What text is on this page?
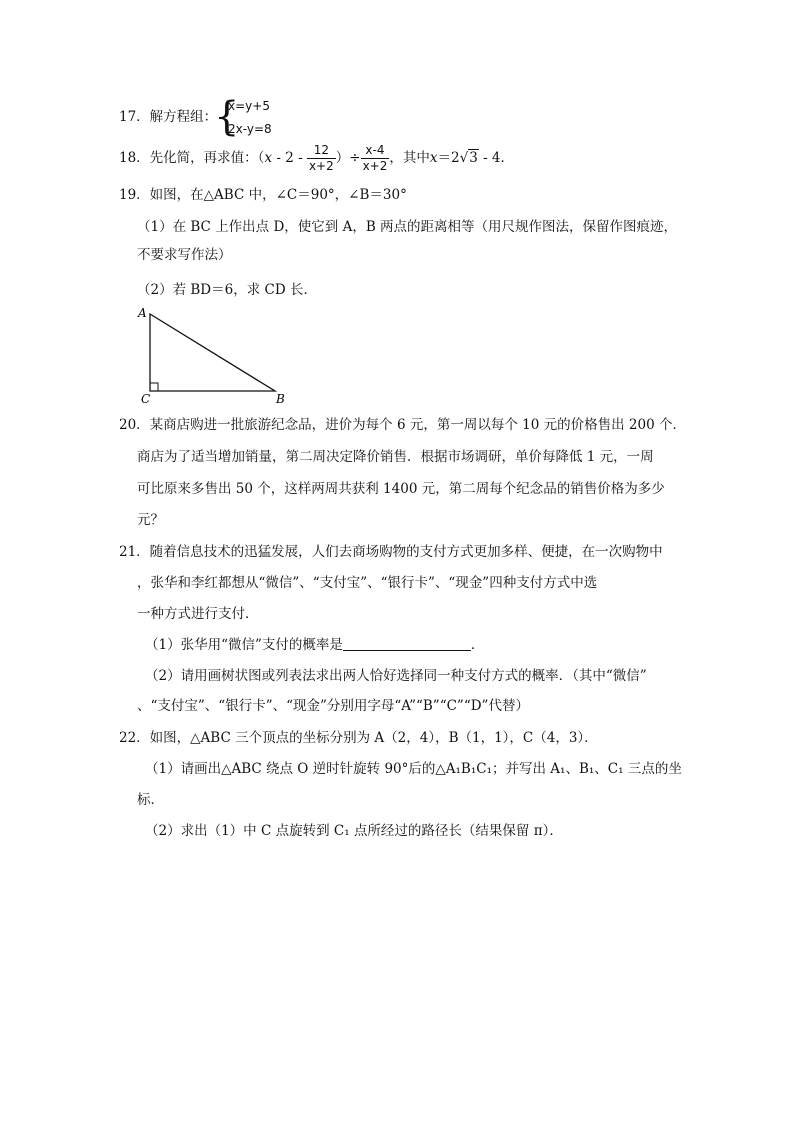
17．解方程组：
{
x=y+5
2x-y=8
18．先化简，再求值：（$x - 2 - \frac{12}{x+2}$ ）÷ $\frac{x-4}{x+2}$ ，其中x＝2√3 - 4．
19．如图，在△ABC 中，∠C＝90°，∠B＝30°
（1）在 BC 上作出点 D，使它到 A，B 两点的距离相等（用尺规作图法，保留作图痕迹，
不要求写作法）
（2）若 BD＝6，求 CD 长．
A
C	B
20．某商店购进一批旅游纪念品，进价为每个 6 元，第一周以每个 10 元的价格售出 200 个．
商店为了适当增加销量，第二周决定降价销售．根据市场调研，单价每降低 1 元，一周
可比原来多售出 50 个，这样两周共获利 1400 元，第二周每个纪念品的销售价格为多少
元？
21．随着信息技术的迅猛发展，人们去商场购物的支付方式更加多样、便捷，在一次购物中
，张华和李红都想从“微信”、“支付宝”、“银行卡”、“现金”四种支付方式中选
一种方式进行支付．
（1）张华用“微信”支付的概率是	．
（2）请用画树状图或列表法求出两人恰好选择同一种支付方式的概率．（其中“微信”
、“支付宝”、“银行卡”、“现金”分别用字母“A”“B”“C”“D”代替）
22．如图，△ABC 三个顶点的坐标分别为 A（2，4），B（1，1），C（4，3）．
（1）请画出△ABC 绕点 O 逆时针旋转 90°后的△A₁B₁C₁；并写出 A₁、B₁、C₁ 三点的坐
标．
（2）求出（1）中 C 点旋转到 C₁ 点所经过的路径长（结果保留 π）．
